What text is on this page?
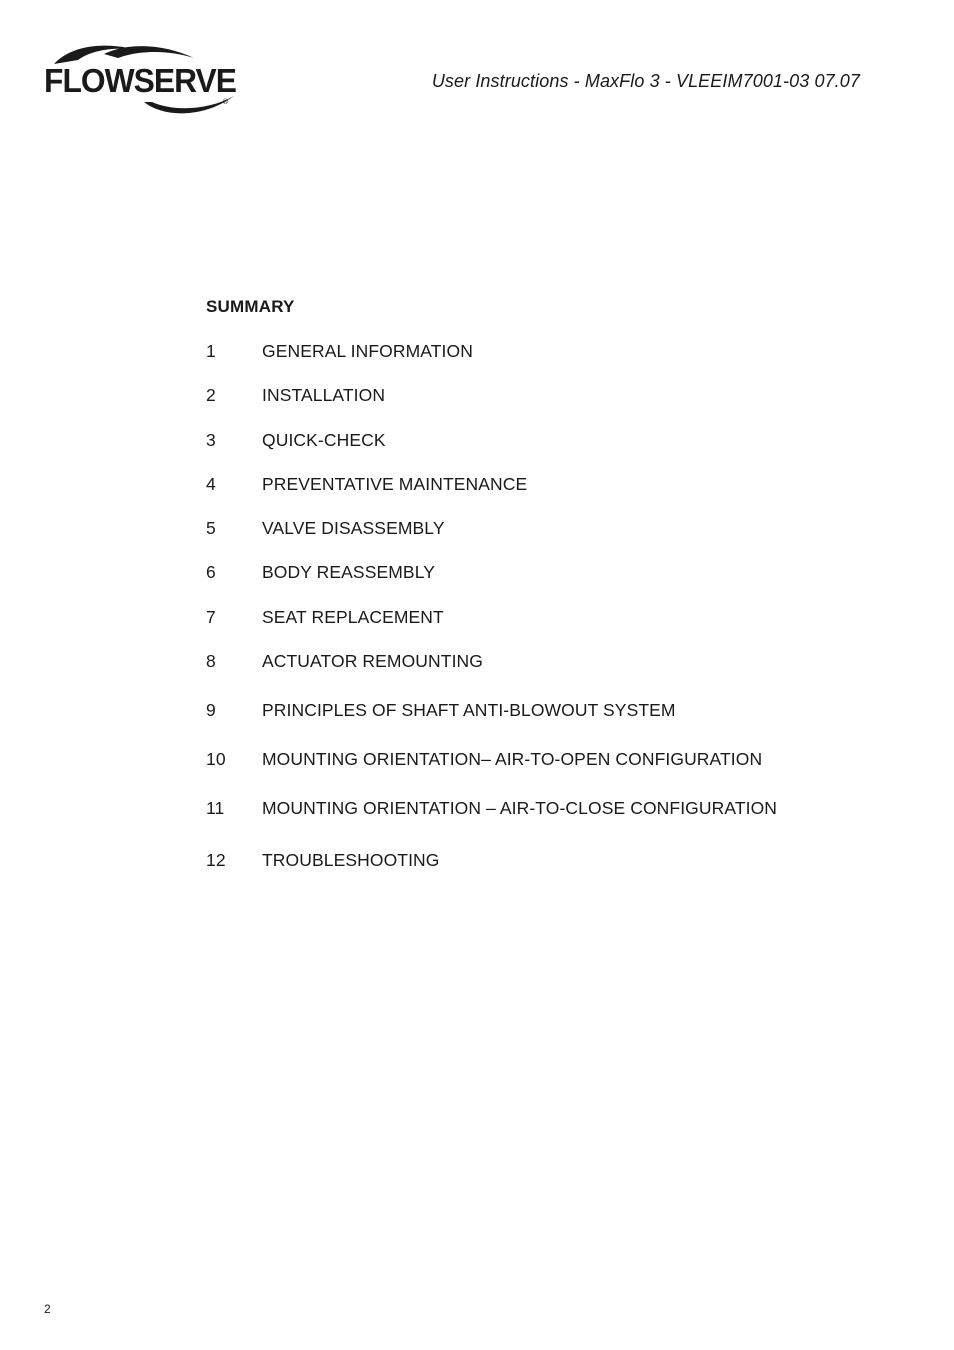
FLOWSERVE
®
User Instructions - MaxFlo 3 - VLEEIM7001-03 07.07
SUMMARY
1	GENERAL INFORMATION
2	INSTALLATION
3	QUICK-CHECK
4	PREVENTATIVE MAINTENANCE
5	VALVE DISASSEMBLY
6	BODY REASSEMBLY
7	SEAT REPLACEMENT
8	ACTUATOR REMOUNTING
9	PRINCIPLES OF SHAFT ANTI-BLOWOUT SYSTEM
10	MOUNTING ORIENTATION– AIR-TO-OPEN CONFIGURATION
11	MOUNTING ORIENTATION – AIR-TO-CLOSE CONFIGURATION
12	TROUBLESHOOTING
2
